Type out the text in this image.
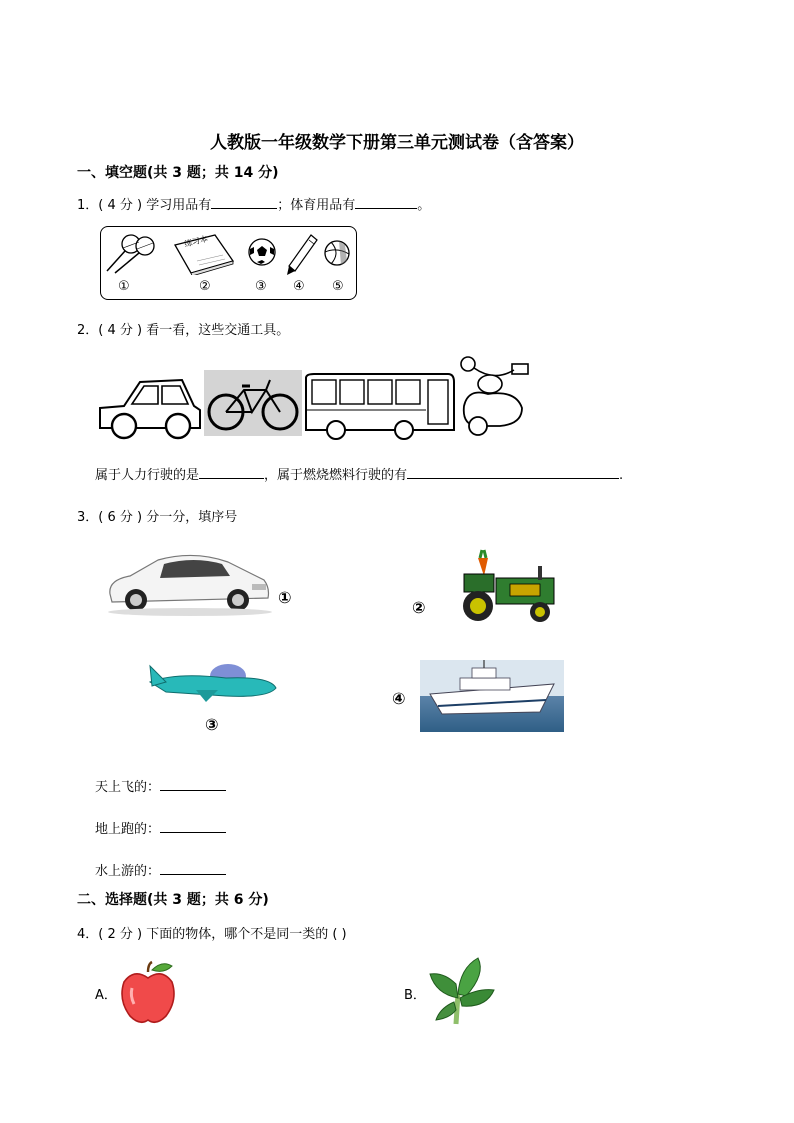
人教版一年级数学下册第三单元测试卷（含答案）
一、填空题(共 3 题；共 14 分)
1．( 4 分 ) 学习用品有	；体育用品有	。
练习本
①	②	③ ④ ⑤
2．( 4 分 ) 看一看，这些交通工具。
属于人力行驶的是	，属于燃烧燃料行驶的有	.
3．( 6 分 ) 分一分，填序号
①
②
③
④
天上飞的：
地上跑的：
水上游的：
二、选择题(共 3 题；共 6 分)
4．( 2 分 ) 下面的物体，哪个不是同一类的 ( )
A．	B．
